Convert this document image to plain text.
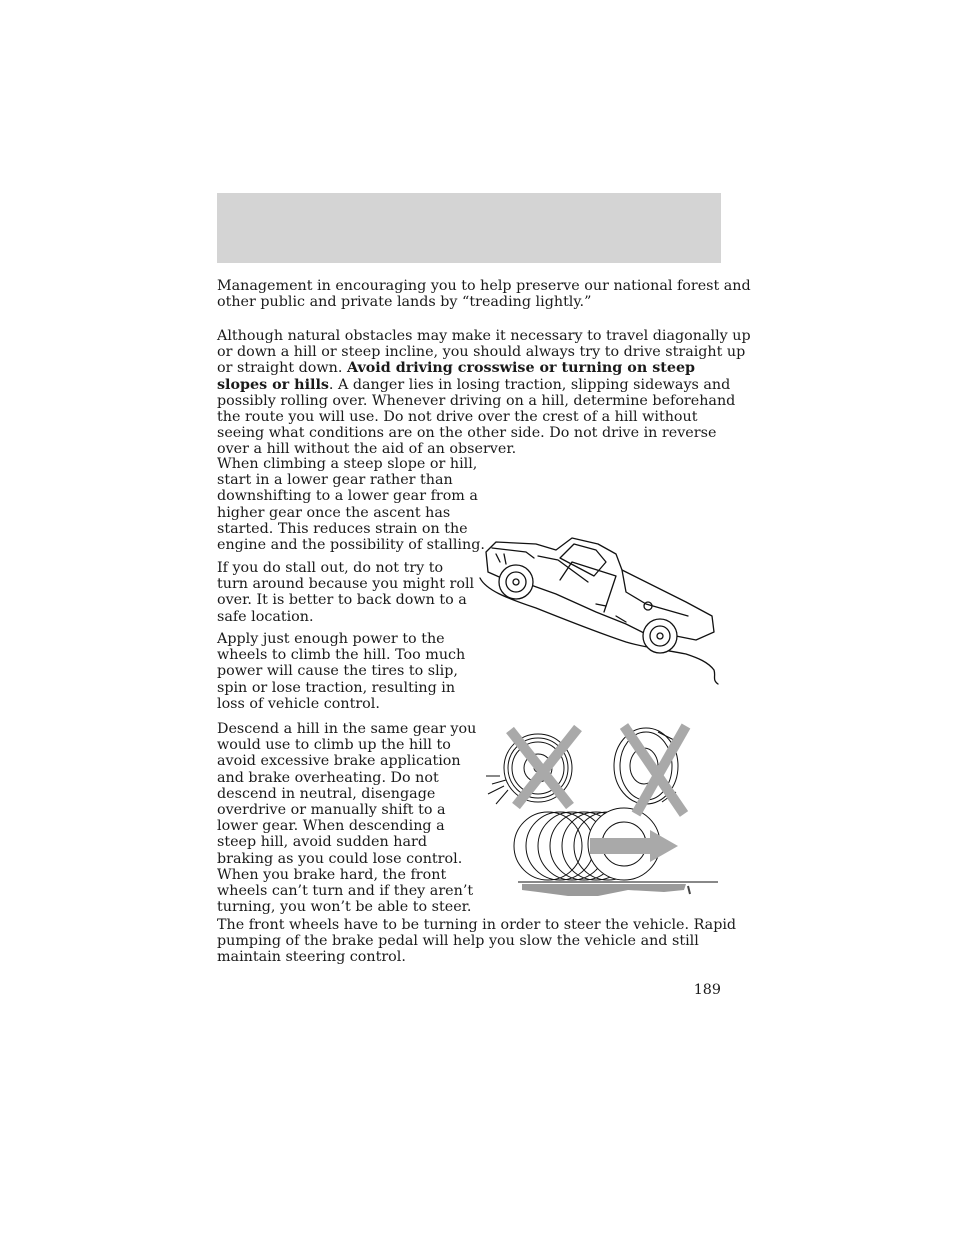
Management in encouraging you to help preserve our national forest and
other public and private lands by “treading lightly.”

Although natural obstacles may make it necessary to travel diagonally up
or down a hill or steep incline, you should always try to drive straight up
or straight down. Avoid driving crosswise or turning on steep
slopes or hills. A danger lies in losing traction, slipping sideways and
possibly rolling over. Whenever driving on a hill, determine beforehand
the route you will use. Do not drive over the crest of a hill without
seeing what conditions are on the other side. Do not drive in reverse
over a hill without the aid of an observer.

When climbing a steep slope or hill,
start in a lower gear rather than
downshifting to a lower gear from a
higher gear once the ascent has
started. This reduces strain on the
engine and the possibility of stalling.

If you do stall out, do not try to
turn around because you might roll
over. It is better to back down to a
safe location.

Apply just enough power to the
wheels to climb the hill. Too much
power will cause the tires to slip,
spin or lose traction, resulting in
loss of vehicle control.

Descend a hill in the same gear you
would use to climb up the hill to
avoid excessive brake application
and brake overheating. Do not
descend in neutral, disengage
overdrive or manually shift to a
lower gear. When descending a
steep hill, avoid sudden hard
braking as you could lose control.
When you brake hard, the front
wheels can’t turn and if they aren’t
turning, you won’t be able to steer.

The front wheels have to be turning in order to steer the vehicle. Rapid
pumping of the brake pedal will help you slow the vehicle and still
maintain steering control.

189
